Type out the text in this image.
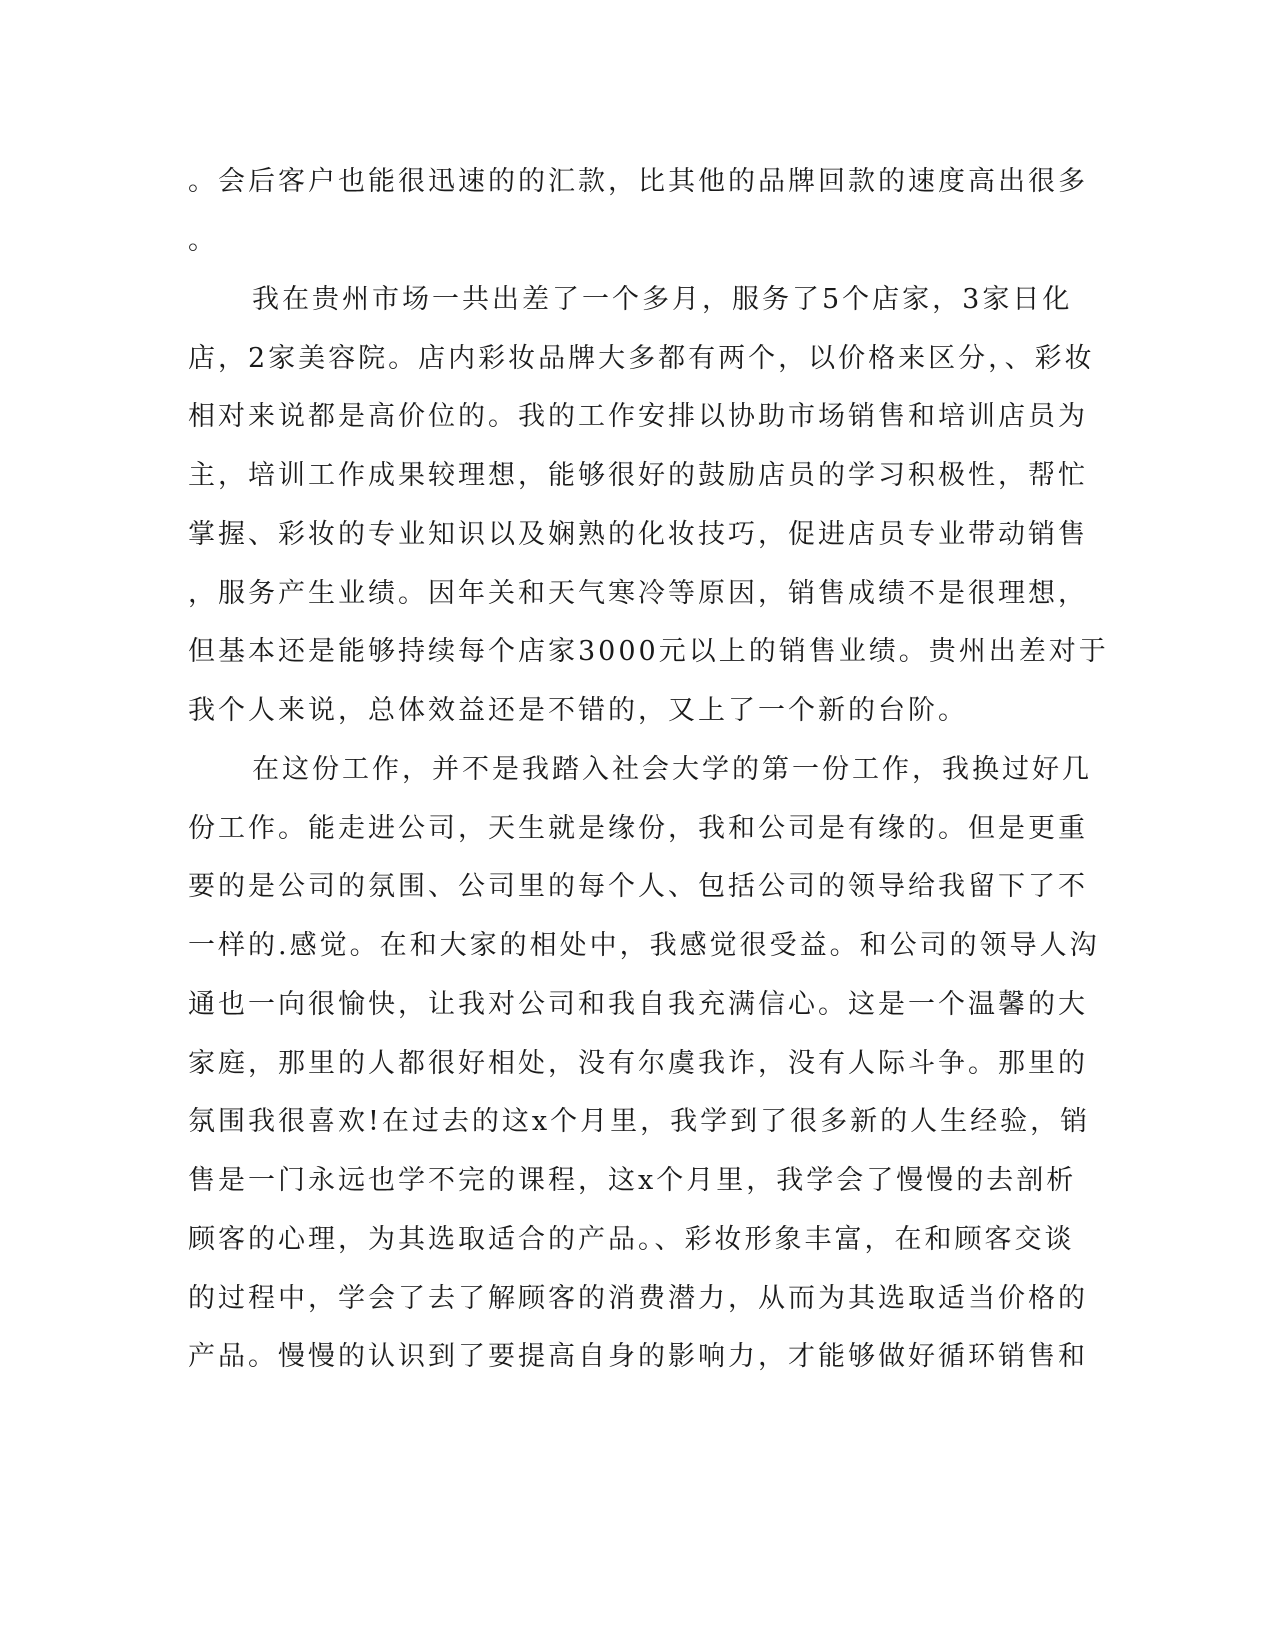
。会后客户也能很迅速的的汇款，比其他的品牌回款的速度高出很多
。
我在贵州市场一共出差了一个多月，服务了5个店家，3家日化
店，2家美容院。店内彩妆品牌大多都有两个，以价格来区分，、彩妆
相对来说都是高价位的。我的工作安排以协助市场销售和培训店员为
主，培训工作成果较理想，能够很好的鼓励店员的学习积极性，帮忙
掌握、彩妆的专业知识以及娴熟的化妆技巧，促进店员专业带动销售
，服务产生业绩。因年关和天气寒冷等原因，销售成绩不是很理想，
但基本还是能够持续每个店家3000元以上的销售业绩。贵州出差对于
我个人来说，总体效益还是不错的，又上了一个新的台阶。
在这份工作，并不是我踏入社会大学的第一份工作，我换过好几
份工作。能走进公司，天生就是缘份，我和公司是有缘的。但是更重
要的是公司的氛围、公司里的每个人、包括公司的领导给我留下了不
一样的.感觉。在和大家的相处中，我感觉很受益。和公司的领导人沟
通也一向很愉快，让我对公司和我自我充满信心。这是一个温馨的大
家庭，那里的人都很好相处，没有尔虞我诈，没有人际斗争。那里的
氛围我很喜欢!在过去的这x个月里，我学到了很多新的人生经验，销
售是一门永远也学不完的课程，这x个月里，我学会了慢慢的去剖析
顾客的心理，为其选取适合的产品。、彩妆形象丰富，在和顾客交谈
的过程中，学会了去了解顾客的消费潜力，从而为其选取适当价格的
产品。慢慢的认识到了要提高自身的影响力，才能够做好循环销售和
